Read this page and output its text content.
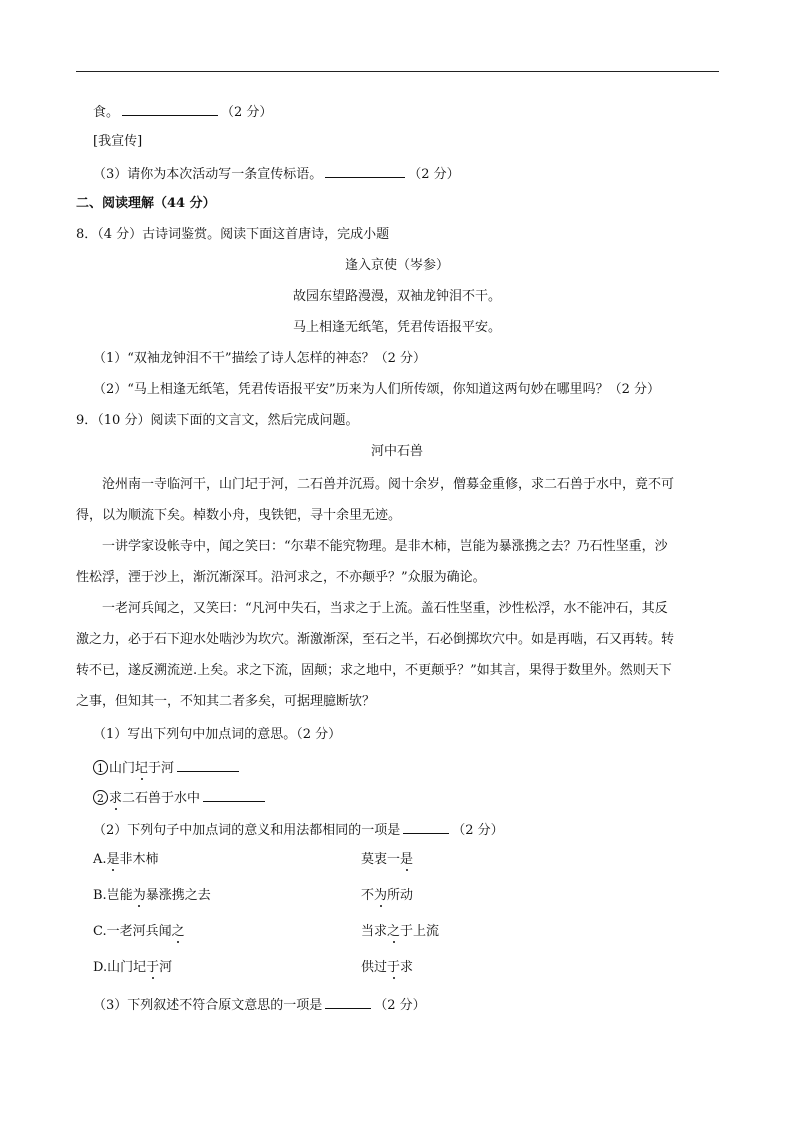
食。	（2 分）
[我宣传]
（3）请你为本次活动写一条宣传标语。	（2 分）
二、阅读理解（44 分）
8．（4 分）古诗词鉴赏。阅读下面这首唐诗，完成小题
逢入京使（岑参）
故园东望路漫漫，双袖龙钟泪不干。
马上相逢无纸笔，凭君传语报平安。
（1）“双袖龙钟泪不干”描绘了诗人怎样的神态？（2 分）
（2）“马上相逢无纸笔，凭君传语报平安”历来为人们所传颂，你知道这两句妙在哪里吗？（2 分）
9．（10 分）阅读下面的文言文，然后完成问题。
河中石兽
沧州南一寺临河干，山门圮于河，二石兽并沉焉。阅十余岁，僧募金重修，求二石兽于水中，竟不可
得，以为顺流下矣。棹数小舟，曳铁钯，寻十余里无迹。
一讲学家设帐寺中，闻之笑曰：“尔辈不能究物理。是非木柿，岂能为暴涨携之去？乃石性坚重，沙
性松浮，湮于沙上，渐沉渐深耳。沿河求之，不亦颠乎？”众服为确论。
一老河兵闻之，又笑曰：“凡河中失石，当求之于上流。盖石性坚重，沙性松浮，水不能冲石，其反
激之力，必于石下迎水处啮沙为坎穴。渐激渐深，至石之半，石必倒掷坎穴中。如是再啮，石又再转。转
转不已，遂反溯流逆.上矣。求之下流，固颠；求之地中，不更颠乎？”如其言，果得于数里外。然则天下
之事，但知其一，不知其二者多矣，可据理臆断欤？
（1）写出下列句中加点词的意思。（2 分）
1 山门圮于河
2 求二石兽于水中
（2）下列句子中加点词的意义和用法都相同的一项是	（2 分）
A.是非木柿	莫衷一是
B.岂能为暴涨携之去	不为所动
C.一老河兵闻之	当求之于上流
D.山门圮于河	供过于求
（3）下列叙述不符合原文意思的一项是	（2 分）
